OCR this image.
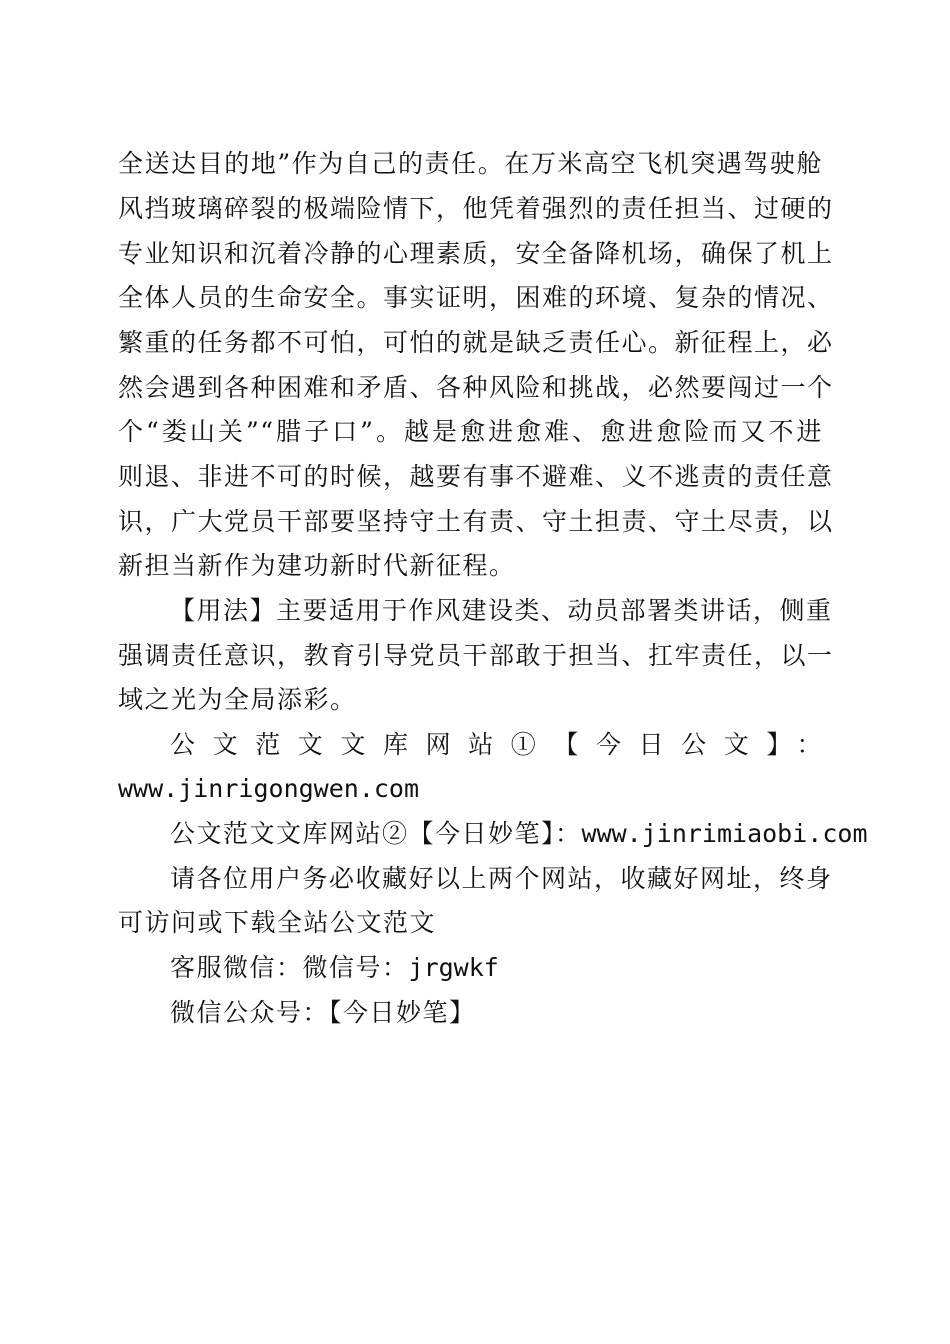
全送达目的地”作为自己的责任。在万米高空飞机突遇驾驶舱
风挡玻璃碎裂的极端险情下，他凭着强烈的责任担当、过硬的
专业知识和沉着冷静的心理素质，安全备降机场，确保了机上
全体人员的生命安全。事实证明，困难的环境、复杂的情况、
繁重的任务都不可怕，可怕的就是缺乏责任心。新征程上，必
然会遇到各种困难和矛盾、各种风险和挑战，必然要闯过一个
个“娄山关”“腊子口”。越是愈进愈难、愈进愈险而又不进
则退、非进不可的时候，越要有事不避难、义不逃责的责任意
识，广大党员干部要坚持守土有责、守土担责、守土尽责，以
新担当新作为建功新时代新征程。
【用法】主要适用于作风建设类、动员部署类讲话，侧重
强调责任意识，教育引导党员干部敢于担当、扛牢责任，以一
域之光为全局添彩。
公文范文文库网站①【今日公文】：
www.jinrigongwen.com
公文范文文库网站②【今日妙笔】：www.jinrimiaobi.com
请各位用户务必收藏好以上两个网站，收藏好网址，终身
可访问或下载全站公文范文
客服微信：微信号：jrgwkf
微信公众号：【今日妙笔】
